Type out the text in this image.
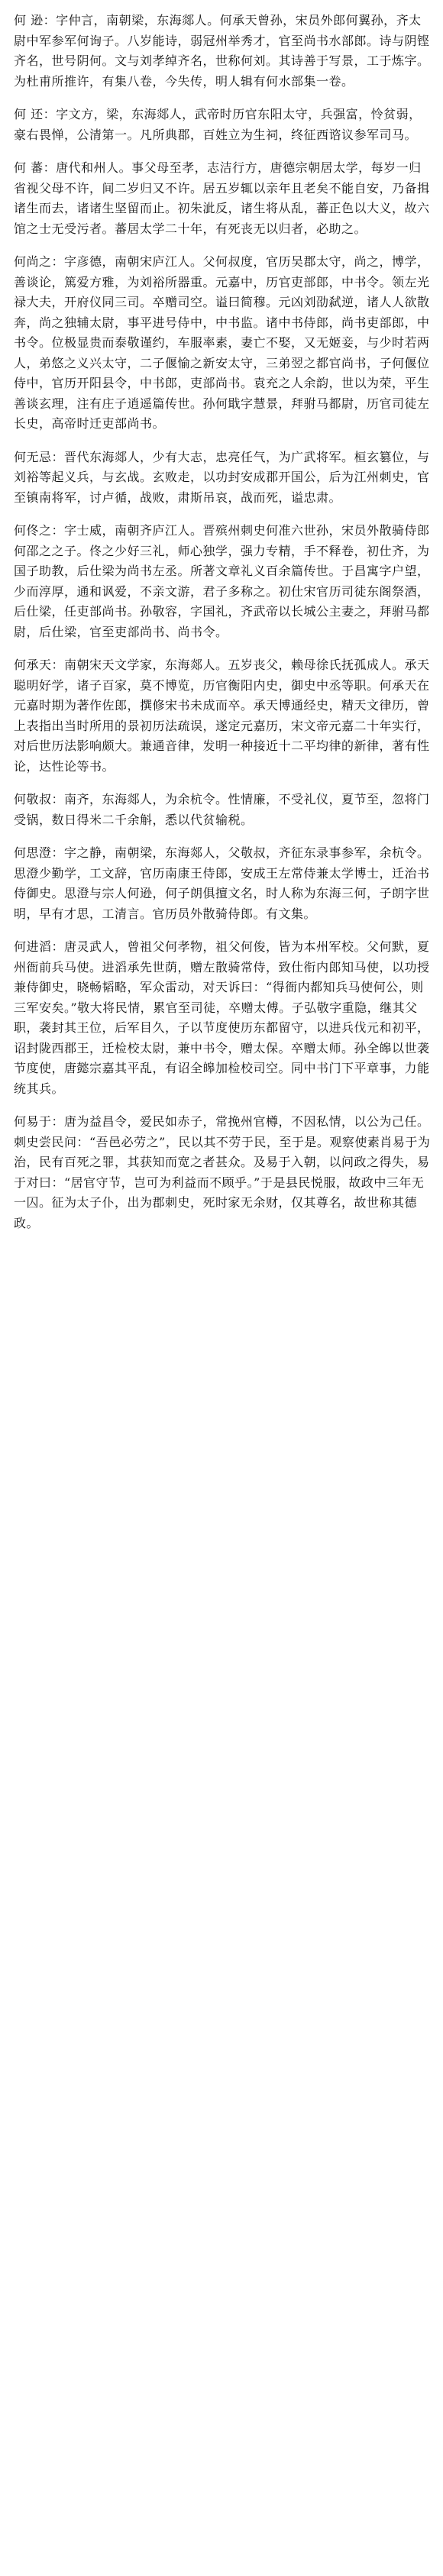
何 逊：字仲言，南朝梁，东海郯人。何承天曾孙，宋员外郎何翼孙，齐太尉中军参军何询子。八岁能诗，弱冠州举秀才，官至尚书水部郎。诗与阴铿齐名，世号阴何。文与刘孝绰齐名，世称何刘。其诗善于写景，工于炼字。为杜甫所推许，有集八卷，今失传，明人辑有何水部集一卷。

何 还：字文方，梁，东海郯人，武帝时历官东阳太守，兵强富，怜贫弱，豪右畏惮，公清第一。凡所典郡，百姓立为生祠，终征西谘议参军司马。

何 蕃：唐代和州人。事父母至孝，志洁行方，唐德宗朝居太学，每岁一归省视父母不许，间二岁归又不许。居五岁辄以亲年且老矣不能自安，乃备揖诸生而去，诸诸生坚留而止。初朱泚反，诸生将从乱，蕃正色以大义，故六馆之士无受污者。蕃居太学二十年，有死丧无以归者，必助之。

何尚之：字彦德，南朝宋庐江人。父何叔度，官历吴郡太守，尚之，博学，善谈论，篤爱方雅，为刘裕所器重。元嘉中，历官吏部郎，中书令。领左光禄大夫，开府仪同三司。卒赠司空。谥曰简穆。元凶刘劭弑逆，诸人人欲散奔，尚之独辅太尉，事平进号侍中，中书监。诸中书侍郎，尚书吏部郎，中书令。位极显贵而泰敬谨约，车服率素，妻亡不娶，又无姬妾，与少时若两人，弟悠之义兴太守，二子偃愉之新安太守，三弟翌之都官尚书，子何偃位侍中，官历开阳县令，中书郎，吏部尚书。袁充之人余韵，世以为荣，平生善谈玄理，注有庄子逍遥篇传世。孙何戢字慧景，拜驸马都尉，历官司徒左长史，高帝时迁吏部尚书。

何无忌：晋代东海郯人，少有大志，忠亮任气，为广武将军。桓玄篡位，与刘裕等起义兵，与玄战。玄败走，以功封安成郡开国公，后为江州刺史，官至镇南将军，讨卢循，战败，肃斯吊哀，战而死，谥忠肃。

何佟之：字士威，南朝齐庐江人。晋殡州刺史何准六世孙，宋员外散骑侍郎何邵之之子。佟之少好三礼，师心独学，强力专精，手不释卷，初仕齐，为国子助教，后仕梁为尚书左丞。所著文章礼义百余篇传世。于昌寓字户望，少而淳厚，通和讽爱，不亲文游，君子多称之。初仕宋官历司徒东阁祭酒，后仕梁，任吏部尚书。孙敬容，字国礼，齐武帝以长城公主妻之，拜驸马都尉，后仕梁，官至吏部尚书、尚书令。

何承天：南朝宋天文学家，东海郯人。五岁丧父，赖母徐氏抚孤成人。承天聪明好学，诸子百家，莫不博览，历官衡阳内史，御史中丞等职。何承天在元嘉时期为著作佐郎，撰修宋书未成而卒。承天博通经史，精天文律历，曾上表指出当时所用的景初历法疏误，遂定元嘉历，宋文帝元嘉二十年实行，对后世历法影响颇大。兼通音律，发明一种接近十二平均律的新律，著有性论，达性论等书。

何敬叔：南齐，东海郯人，为余杭令。性情廉，不受礼仪，夏节至，忽将门受锅，数日得米二千余斛，悉以代贫输税。

何思澄：字之静，南朝梁，东海郯人，父敬叔，齐征东录事参军，余杭令。思澄少勤学，工文辞，官历南康王侍郎，安成王左常侍兼太学博士，迁治书侍御史。思澄与宗人何逊，何子朗俱擅文名，时人称为东海三何，子朗字世明，早有才思，工清言。官历员外散骑侍郎。有文集。

何进滔：唐灵武人，曾祖父何孝物，祖父何俊，皆为本州军校。父何默，夏州衙前兵马使。进滔承先世荫，赠左散骑常侍，致仕衔内郎知马使，以功授兼侍御史，晓畅韬略，军众雷动，对天诉曰：“得衙内都知兵马使何公，则三军安矣。”敬大将民情，累官至司徒，卒赠太傅。子弘敬字重隐，继其父职，袭封其王位，后军目久，子以节度使历东都留守，以进兵伐元和初平，诏封陇西郡王，迁检校太尉，兼中书令，赠太保。卒赠太师。孙全皞以世袭节度使，唐懿宗嘉其平乱，有诏全皞加检校司空。同中书门下平章事，力能统其兵。

何易于：唐为益昌令，爱民如赤子，常挽州官樽，不因私情，以公为己任。刺史尝民问：“吾邑必劳之”，民以其不劳于民，至于是。观察使素肖易于为治，民有百死之罪，其获知而宽之者甚众。及易于入朝，以问政之得失，易于对曰：“居官守节，岂可为利益而不顾乎。”于是县民悦服，故政中三年无一囚。征为太子仆，出为郡刺史，死时家无余财，仅其尊名，故世称其德政。
